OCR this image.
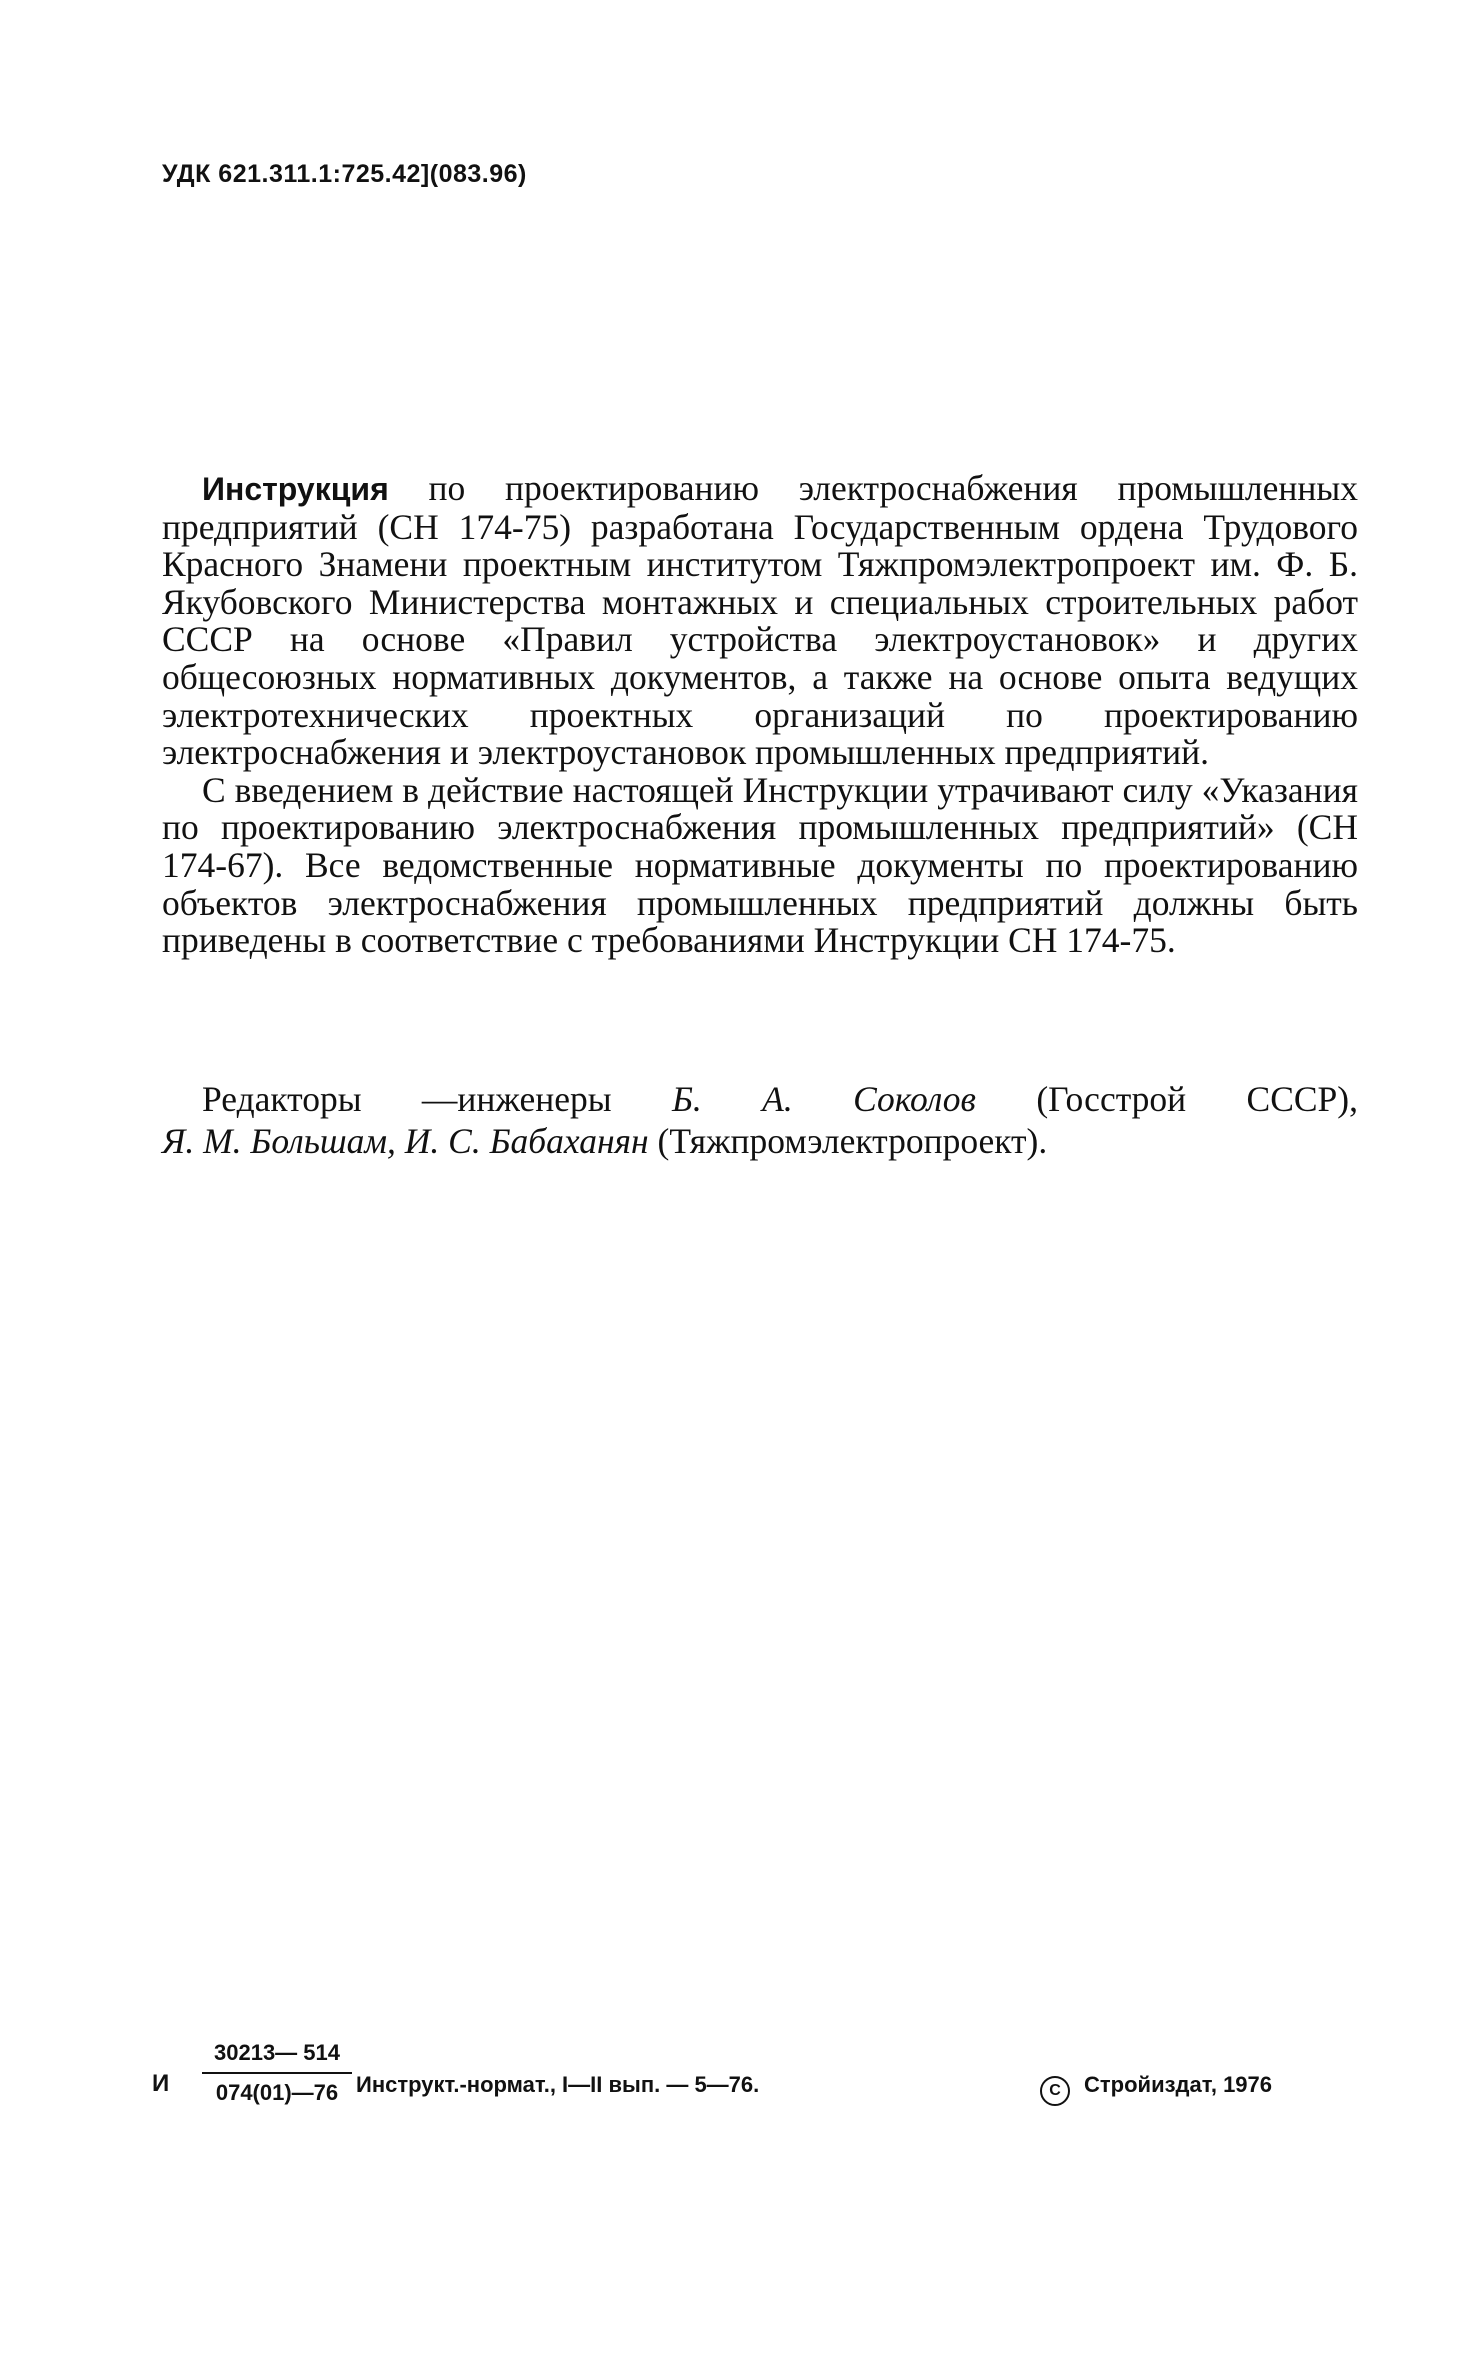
УДК 621.311.1:725.42](083.96)

Инструкция по проектированию электроснабжения промышленных предприятий (СН 174-75) разработана Государственным ордена Трудового Красного Знамени проектным институтом Тяжпромэлектропроект им. Ф. Б. Якубовского Министерства монтажных и специальных строительных работ СССР на основе «Правил устройства электроустановок» и других общесоюзных нормативных документов, а также на основе опыта ведущих электротехнических проектных организаций по проектированию электроснабжения и электроустановок промышленных предприятий.

С введением в действие настоящей Инструкции утрачивают силу «Указания по проектированию электроснабжения промышленных предприятий» (СН 174-67). Все ведомственные нормативные документы по проектированию объектов электроснабжения промышленных предприятий должны быть приведены в соответствие с требованиями Инструкции СН 174-75.

Редакторы —инженеры Б. А. Соколов (Госстрой СССР),
Я. М. Большам, И. С. Бабаханян (Тяжпромэлектропроект).
И $\frac{30213— 514}{074(01)—76}$ Инструкт.-нормат., I—II вып. — 5—76.	C Стройиздат, 1976
